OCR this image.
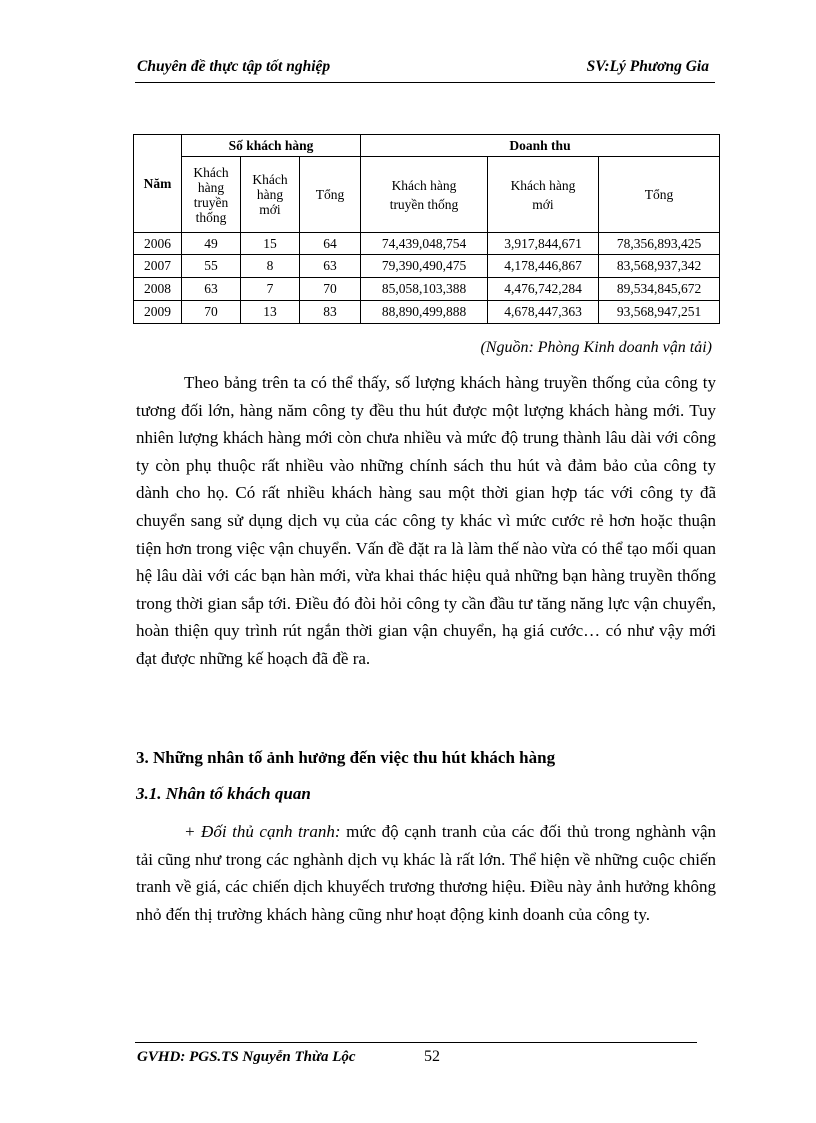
Chuyên đề thực tập tốt nghiệp	SV:Lý Phương Gia
Năm	Số khách hàng			Doanh thu		

	Khách hàng truyền thống	Khách hàng mới	Tổng	Khách hàng truyền thống	Khách hàng mới	Tổng
2006	49	15	64	74,439,048,754	3,917,844,671	78,356,893,425
2007	55	8	63	79,390,490,475	4,178,446,867	83,568,937,342
2008	63	7	70	85,058,103,388	4,476,742,284	89,534,845,672
2009	70	13	83	88,890,499,888	4,678,447,363	93,568,947,251
(Nguồn: Phòng Kinh doanh vận tải)
Theo bảng trên ta có thể thấy, số lượng khách hàng truyền thống của công ty tương đối lớn, hàng năm công ty đều thu hút được một lượng khách hàng mới. Tuy nhiên lượng khách hàng mới còn chưa nhiều và mức độ trung thành lâu dài với công ty còn phụ thuộc rất nhiều vào những chính sách thu hút và đảm bảo của công ty dành cho họ. Có rất nhiều khách hàng sau một thời gian hợp tác với công ty đã chuyển sang sử dụng dịch vụ của các công ty khác vì mức cước rẻ hơn hoặc thuận tiện hơn trong việc vận chuyển. Vấn đề đặt ra là làm thế nào vừa có thể tạo mối quan hệ lâu dài với các bạn hàn mới, vừa khai thác hiệu quả những bạn hàng truyền thống trong thời gian sắp tới. Điều đó đòi hỏi công ty cần đầu tư tăng năng lực vận chuyển, hoàn thiện quy trình rút ngắn thời gian vận chuyển, hạ giá cước… có như vậy mới đạt được những kế hoạch đã đề ra.
3. Những nhân tố ảnh hưởng đến việc thu hút khách hàng
3.1. Nhân tố khách quan
+ Đối thủ cạnh tranh: mức độ cạnh tranh của các đối thủ trong nghành vận tải cũng như trong các nghành dịch vụ khác là rất lớn. Thể hiện về những cuộc chiến tranh về giá, các chiến dịch khuyếch trương thương hiệu. Điều này ảnh hưởng không nhỏ đến thị trường khách hàng cũng như hoạt động kinh doanh của công ty.
GVHD: PGS.TS Nguyễn Thừa Lộc	52
